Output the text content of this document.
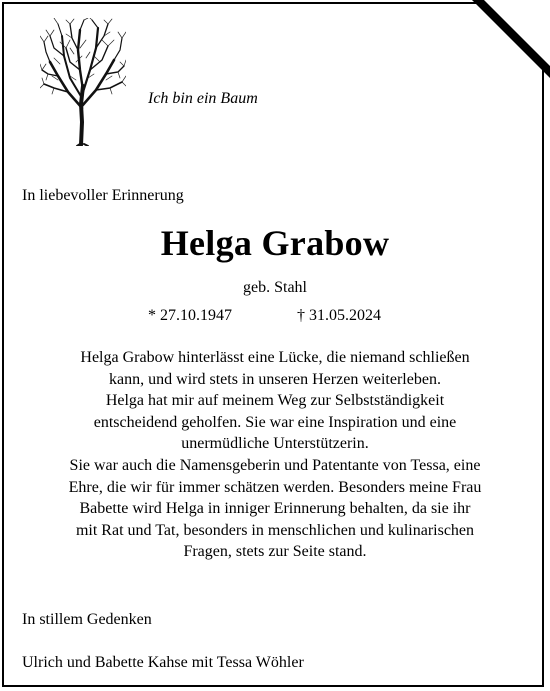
Ich bin ein Baum
In liebevoller Erinnerung
Helga Grabow
geb. Stahl
* 27.10.1947	† 31.05.2024
Helga Grabow hinterlässt eine Lücke, die niemand schließen
kann, und wird stets in unseren Herzen weiterleben.
Helga hat mir auf meinem Weg zur Selbstständigkeit
entscheidend geholfen. Sie war eine Inspiration und eine
unermüdliche Unterstützerin.
Sie war auch die Namensgeberin und Patentante von Tessa, eine
Ehre, die wir für immer schätzen werden. Besonders meine Frau
Babette wird Helga in inniger Erinnerung behalten, da sie ihr
mit Rat und Tat, besonders in menschlichen und kulinarischen
Fragen, stets zur Seite stand.
In stillem Gedenken
Ulrich und Babette Kahse mit Tessa Wöhler
